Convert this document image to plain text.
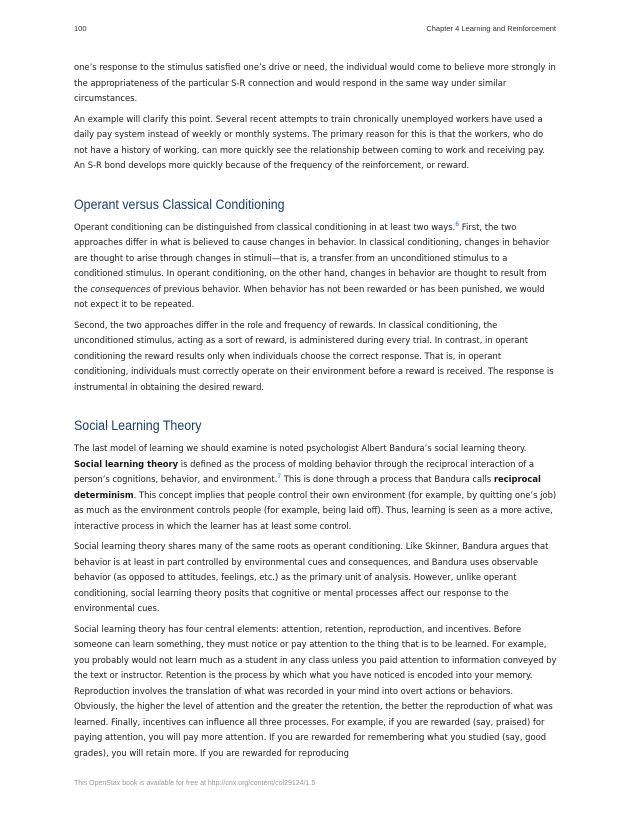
100	Chapter 4 Learning and Reinforcement

one’s response to the stimulus satisfied one’s drive or need, the individual would come to believe more strongly in the appropriateness of the particular S-R connection and would respond in the same way under similar circumstances.

An example will clarify this point. Several recent attempts to train chronically unemployed workers have used a daily pay system instead of weekly or monthly systems. The primary reason for this is that the workers, who do not have a history of working, can more quickly see the relationship between coming to work and receiving pay. An S-R bond develops more quickly because of the frequency of the reinforcement, or reward.

Operant versus Classical Conditioning

Operant conditioning can be distinguished from classical conditioning in at least two ways.$^6$ First, the two approaches differ in what is believed to cause changes in behavior. In classical conditioning, changes in behavior are thought to arise through changes in stimuli—that is, a transfer from an unconditioned stimulus to a conditioned stimulus. In operant conditioning, on the other hand, changes in behavior are thought to result from the consequences of previous behavior. When behavior has not been rewarded or has been punished, we would not expect it to be repeated.

Second, the two approaches differ in the role and frequency of rewards. In classical conditioning, the unconditioned stimulus, acting as a sort of reward, is administered during every trial. In contrast, in operant conditioning the reward results only when individuals choose the correct response. That is, in operant conditioning, individuals must correctly operate on their environment before a reward is received. The response is instrumental in obtaining the desired reward.

Social Learning Theory

The last model of learning we should examine is noted psychologist Albert Bandura’s social learning theory. Social learning theory is defined as the process of molding behavior through the reciprocal interaction of a person’s cognitions, behavior, and environment.$^7$ This is done through a process that Bandura calls reciprocal determinism. This concept implies that people control their own environment (for example, by quitting one’s job) as much as the environment controls people (for example, being laid off). Thus, learning is seen as a more active, interactive process in which the learner has at least some control.

Social learning theory shares many of the same roots as operant conditioning. Like Skinner, Bandura argues that behavior is at least in part controlled by environmental cues and consequences, and Bandura uses observable behavior (as opposed to attitudes, feelings, etc.) as the primary unit of analysis. However, unlike operant conditioning, social learning theory posits that cognitive or mental processes affect our response to the environmental cues.

Social learning theory has four central elements: attention, retention, reproduction, and incentives. Before someone can learn something, they must notice or pay attention to the thing that is to be learned. For example, you probably would not learn much as a student in any class unless you paid attention to information conveyed by the text or instructor. Retention is the process by which what you have noticed is encoded into your memory. Reproduction involves the translation of what was recorded in your mind into overt actions or behaviors. Obviously, the higher the level of attention and the greater the retention, the better the reproduction of what was learned. Finally, incentives can influence all three processes. For example, if you are rewarded (say, praised) for paying attention, you will pay more attention. If you are rewarded for remembering what you studied (say, good grades), you will retain more. If you are rewarded for reproducing

This OpenStax book is available for free at http://cnx.org/content/col29124/1.5
